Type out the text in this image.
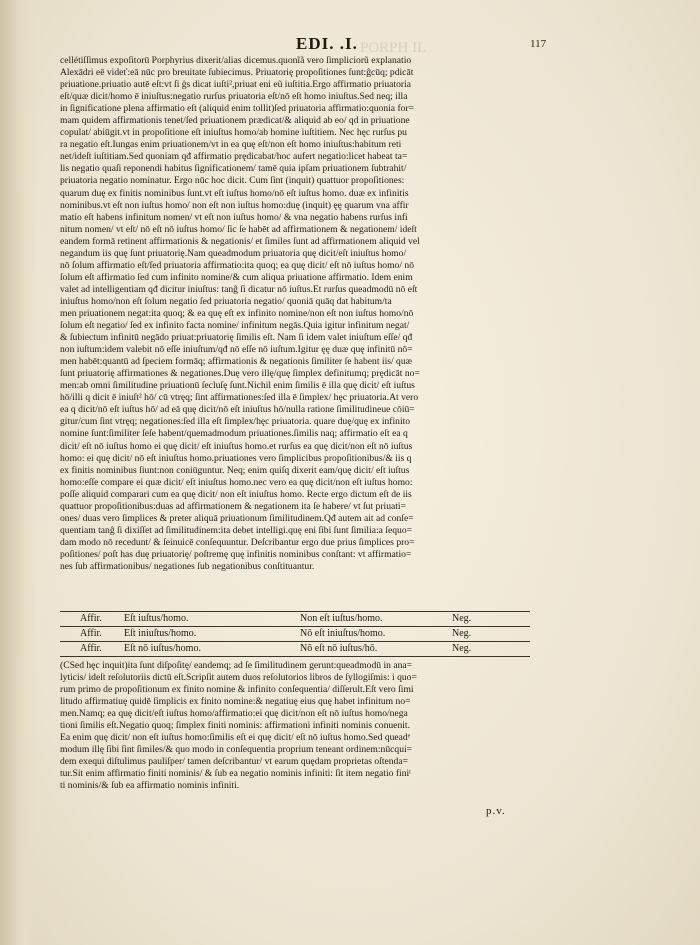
EDI. .I.	117
PORPH IL
cellétiſſimus expoſitorū Porphyrius dixerit/alias dicemus.quonĩã vero ſimpliciorũ explanatio
Alexādri eē videť:eā nūc pro breuitate ſubiecimus. Priuatorię propoſitiones ſunt:ĝcūq; pdicāt
priuatione.priuatio autē eſt:vt ſi ģs dicat iuſti²,priuat eni eũ iuſtitia.Ergo affirmatio priuatoria
eſt/quæ dicit/homo ē iniuſtus:negatio rurſus priuatoria eſt/nō eſt homo iniuſtus.Sed neq; illa
in ſignificatione plena affirmatio eſt (aliquid enim tollit)ſed priuatoria affirmatio:quonia for=
mam quidem affirmationis tenet/ſed priuationem prædicat/& aliquid ab eo/ qd in priuatione
copulat/ abiūgit.vt in propoſitione eſt iniuſtus homo/ab homine iuſtitiem. Nec hęc rurſus pu
ra negatio eſt.Iungas enim priuationem/vt in ea quę eſt/non eſt homo iniuſtus:habitum reti
net/ideſt iuſtitiam.Sed quoniam qđ affirmatio prędicabat/hoc aufert negatio:licet habeat ta=
lis negatio quaſi reponendi habitus ſignificationem/ tamē quia ipſam priuationem ſubtrahit/
priuatoria negatio nominatur. Ergo nūc hoc dicit. Cum ſint (inquit) quattuor propoſitiones:
quarum duę ex finitis nominibus ſunt.vt eſt iuſtus homo/nō eſt iuſtus homo. duæ ex infinitis
nominibus.vt eſt non iuſtus homo/ non eſt non iuſtus homo:duę (inquit) ęę quarum vna affir
matio eſt habens infinitum nomen/ vt eſt non iuſtus homo/ & vna negatio habens rurſus infi
nitum nomen/ vt eſt/ nō eſt nō iuſtus homo/ ſic ſe habēt ad affirmationem & negationem/ ideſt
eandem formā retinent affirmationis & negationis/ et ſimiles ſunt ad affirmationem aliquid vel
negandum iis quę ſunt priuatorię.Nam queadmodum priuatoria quę dicit/eſt iniuſtus homo/
nō ſolum affirmatio eſt/ſed priuatoria affirmatio:ita quoq; ea quę dicit/ eſt nō iuſtus homo/ nō
ſolum eſt affirmatio ſed cum infinito nomine/& cum aliqua priuatione affirmatio. Idem enim
valet ad intelligentiam qđ dicitur iniuſtus: tanĝ ſi dicatur nō iuſtus.Et rurſus queadmodū nō eſt
iniuſtus homo/non eſt ſolum negatio ſed priuatoria negatio/ quoniā quāq dat habitum/ta
men priuationem negat:ita quoq; & ea quę eſt ex infinito nomine/non eſt non iuſtus homo/nō
ſolum eſt negatio/ ſed ex infinito facta nomine/ infinitum negās.Quia igitur infinitum negat/
& ſubiectum infinitū negādo priuat:priuatorię ſimilis eſt. Nam ſi idem valet iniuſtum eſſe/ qđ
non iuſtum:idem valebit nō eſſe iniuſtum/qđ nō eſſe nō iuſtum.Igitur ęę duæ quę infinitū nō=
men habēt:quantū ad ſpeciem formāq; affirmationis & negationis ſimiliter ſe habent iis/ quæ
ſunt priuatorię affirmationes & negationes.Duę vero illę/quę ſimplex definitumq; prędicāt no=
men:ab omni ſimilitudine priuationū ſecluſę ſunt.Nichil enim ſimilis ē illa quę dicit/ eſt iuſtus
hō/illi q dicit ē iniuſt² hō/ cū vtręq; ſint affirmationes:ſed illa ē ſimplex/ hęc priuatoria.At vero
ea q dicit/nō eſt iuſtus hō/ ad eā quę dicit/nō eſt iniuſtus hō/nulla ratione ſimilitudineue cōiū=
gitur/cum ſint vtręq; negationes:ſed illa eſt ſimplex/hęc priuatoria. quare duę/quę ex infinito
nomine ſunt:ſimiliter ſeſe habent/quemadmodum priuationes.ſimilis naq; affirmatio eſt ea q
dicit/ eſt nō iuſtus homo ei quę dicit/ eſt iniuſtus homo.et rurſus ea quę dicit/non eſt nō iuſtus
homo: ei quę dicit/ nō eſt iniuſtus homo.priuationes vero ſimplicibus propoſitionibus/& iis q
ex finitis nominibus ſiunt:non coniūguntur. Neq; enim quiſq dixerit eam/quę dicit/ eſt iuſtus
homo:eſſe compare ei quæ dicit/ eſt iniuſtus homo.nec vero ea quę dicit/non eſt iuſtus homo:
poſſe aliquid comparari cum ea quę dicit/ non eſt iniuſtus homo. Recte ergo dictum eſt de iis
quattuor propoſitionibus:duas ad affirmationem & negationem ita ſe habere/ vt ſut priuati=
ones/ duas vero ſimplices & preter aliquā priuationum ſimilitudinem.Qđ autem ait ad conſe=
quentiam tanĝ ſi dixiſſet ad ſimilitudinem:ita debet intelligi.quę eni ſibi ſunt ſimilia:a ſequo=
dam modo nō recedunt/ & ſeinuicē conſequuntur. Deſcribantur ergo due prius ſimplices pro=
poſitiones/ poſt has duę priuatorię/ poſtremę quę infinitis nominibus conſtant: vt affirmatio=
nes ſub affirmationibus/ negationes ſub negationibus conſtituantur.
Affir. Eſt iuſtus/homo.	Non eſt iuſtus/homo.	Neg.
Affir. Eſt iniuſtus/homo.	Nō eſt iniuſtus/homo.	Neg.
Affir. Eſt nō iuſtus/homo.	Nō eſt nō iuſtus/hō.	Neg.
(CSed hęc inquit)ita ſunt diſpoſitę/ eandemq; ad ſe ſimilitudinem gerunt:queadmodū in ana=
lyticis/ ideſt reſolutoriis dictū eſt.Scripſit autem duos reſolutorios libros de ſyllogiſmis: i quo=
rum primo de propoſitionum ex finito nomine & infinito conſequentia/ diſſerult.Eſt vero ſimi
litudo affirmatiuę quidē ſimplicis ex finito nomine:& negatiuę eius quę habet infinitum no=
men.Namq; ea quę dicit/eſt iuſtus homo/affirmatio:ei quę dicit/non eſt nō iuſtus homo/nega
tioni ſimilis eſt.Negatio quoq; ſimplex finiti nominis: affirmationi infiniti nominis conuenit.
Ea enim quę dicit/ non eſt iuſtus homo:ſimilis eſt ei quę dicit/ eſt nō iuſtus homo.Sed queadᵉ
modum illę ſibi ſint ſimiles/& quo modo in conſequentia proprium teneant ordinem:nūcqui=
dem exequi diſtulimus pauliſper/ tamen deſcribantur/ vt earum quędam proprietas oſtenda=
tur.Sit enim affirmatio finiti nominis/ & ſub ea negatio nominis infiniti: ſit item negatio finiᵗ
ti nominis/& ſub ea affirmatio nominis infiniti.
p.v.
